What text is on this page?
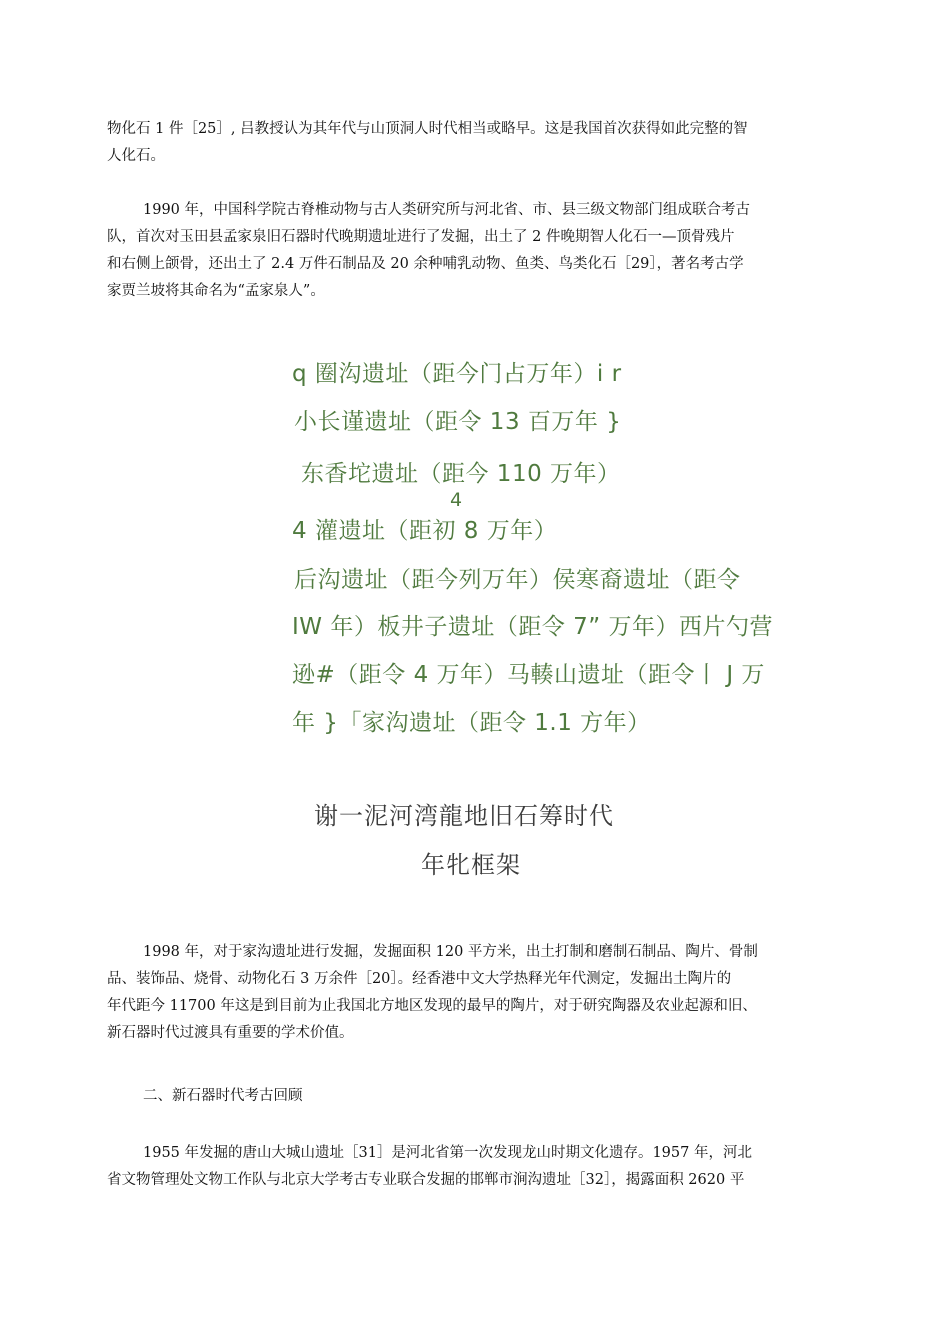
物化石 1 件［25］, 吕教授认为其年代与山顶洞人时代相当或略早。这是我国首次获得如此完整的智
人化石。
1990 年，中国科学院古脊椎动物与古人类研究所与河北省、市、县三级文物部门组成联合考古
队，首次对玉田县孟家泉旧石器时代晚期遗址进行了发掘，出土了 2 件晚期智人化石一—顶骨残片
和右侧上颌骨，还出土了 2.4 万件石制品及 20 余种哺乳动物、鱼类、鸟类化石［29］，著名考古学
家贾兰坡将其命名为“孟家泉人”。
q 圈沟遗址（距今门占万年）i r
小长谨遗址（距令 13 百万年 }
东香坨遗址（距今 110 万年）
4
4 灌遗址（距初 8 万年）
后沟遗址（距今列万年）侯寒裔遗址（距令
IW 年）板井子遗址（距令 7” 万年）西片勺营
逊#（距令 4 万年）马輳山遗址（距令丨 J 万
年 }「家沟遗址（距令 1.1 方年）
谢一泥河湾龍地旧石筹时代
年牝框架
1998 年，对于家沟遗址进行发掘，发掘面积 120 平方米，出土打制和磨制石制品、陶片、骨制
品、装饰品、烧骨、动物化石 3 万余件［20］。经香港中文大学热释光年代测定，发掘出土陶片的
年代距今 11700 年这是到目前为止我国北方地区发现的最早的陶片，对于研究陶器及农业起源和旧、
新石器时代过渡具有重要的学术价值。
二、新石器时代考古回顾
1955 年发掘的唐山大城山遗址［31］是河北省第一次发现龙山时期文化遗存。1957 年，河北
省文物管理处文物工作队与北京大学考古专业联合发掘的邯郸市涧沟遗址［32］，揭露面积 2620 平
